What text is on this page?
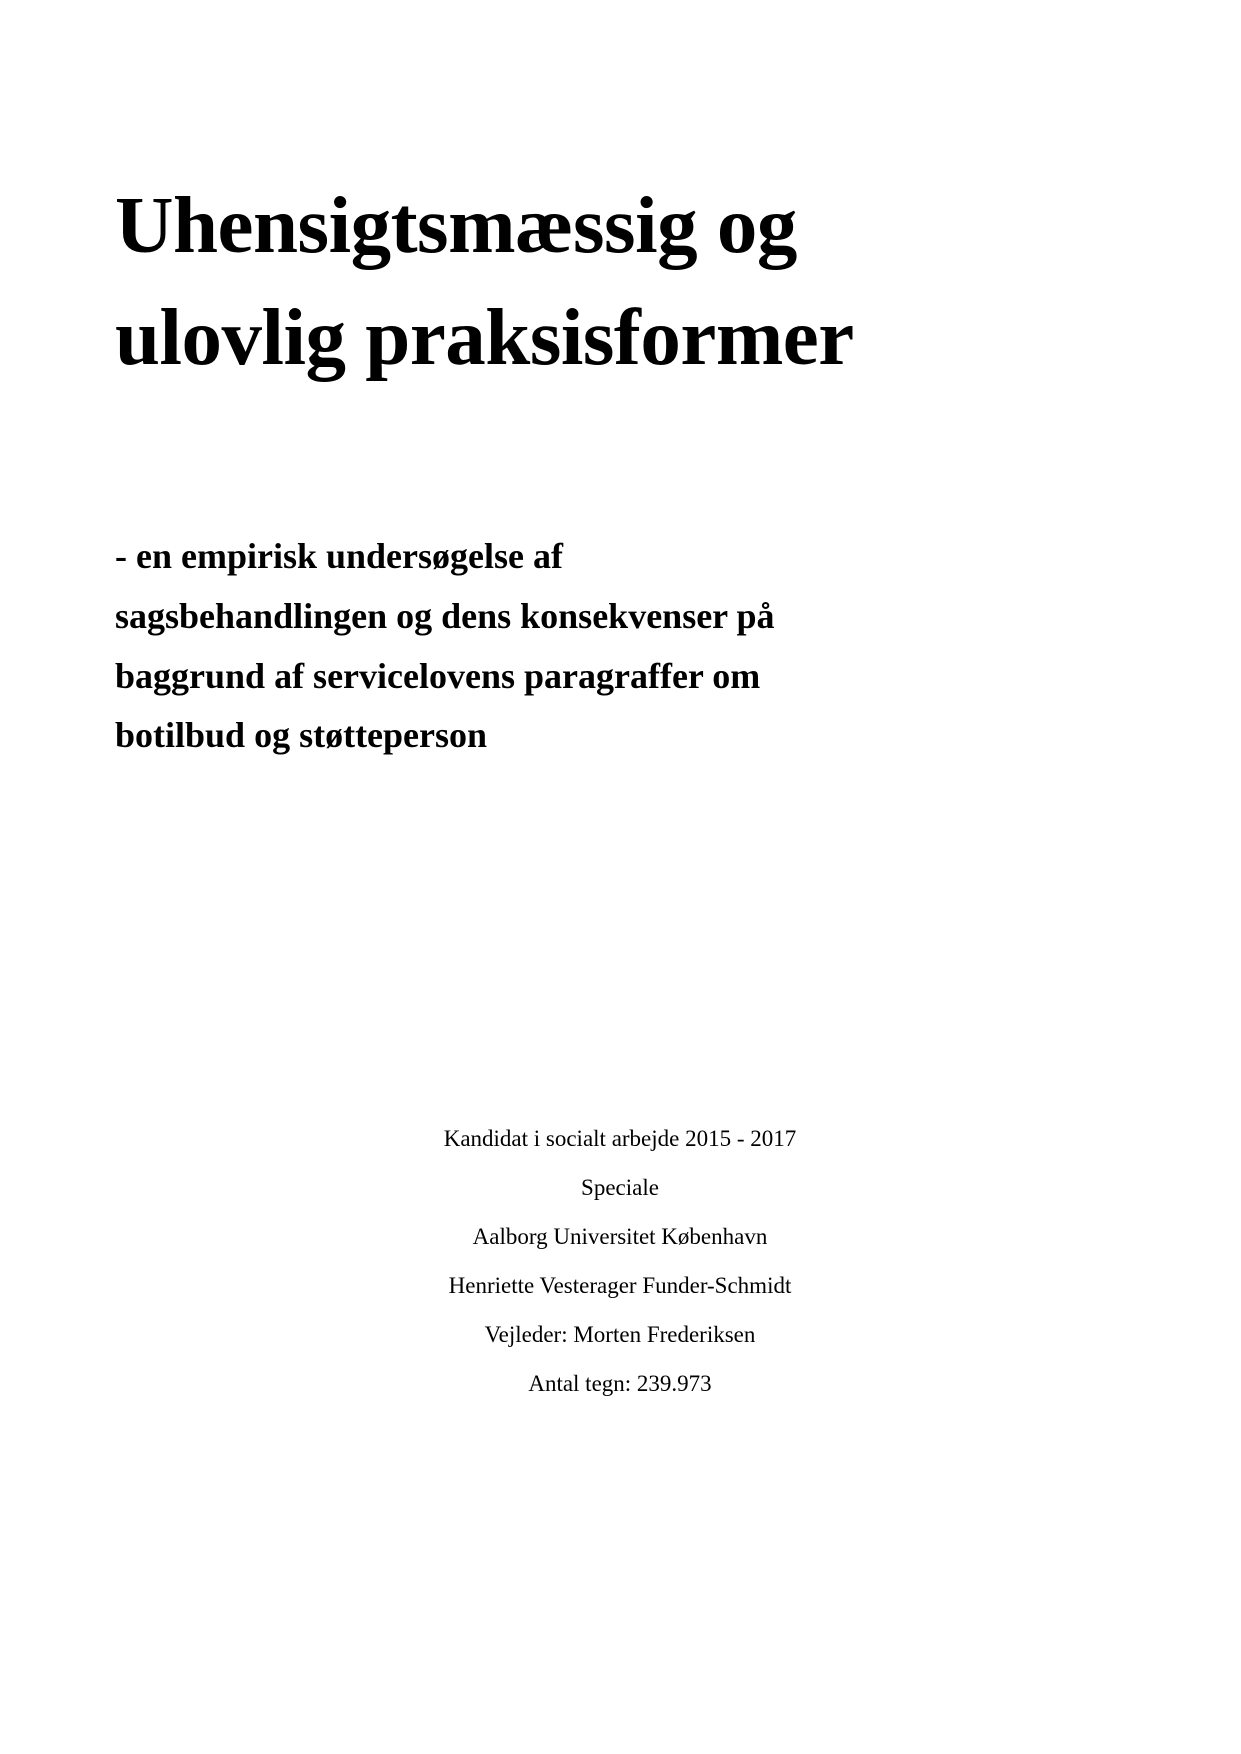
Uhensigtsmæssig og
ulovlig praksisformer
- en empirisk undersøgelse af
sagsbehandlingen og dens konsekvenser på
baggrund af servicelovens paragraffer om
botilbud og støtteperson
Kandidat i socialt arbejde 2015 - 2017
Speciale
Aalborg Universitet København
Henriette Vesterager Funder-Schmidt
Vejleder: Morten Frederiksen
Antal tegn: 239.973
